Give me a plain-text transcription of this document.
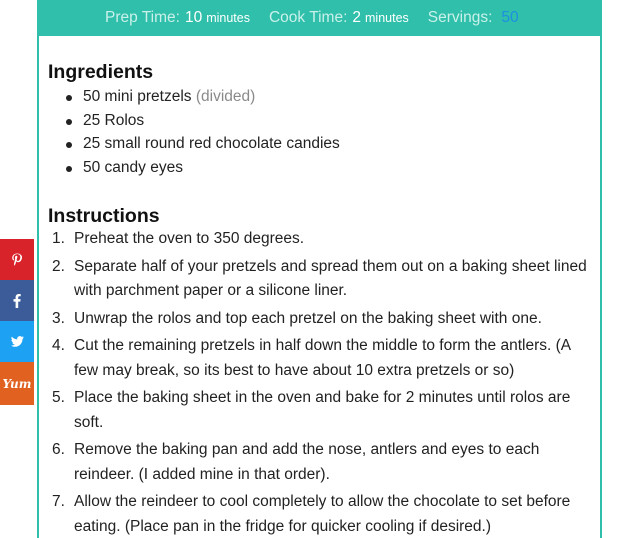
Yum
Prep Time: 10 minutes Cook Time: 2 minutes Servings: 50
Ingredients
50 mini pretzels (divided)
25 Rolos
25 small round red chocolate candies
50 candy eyes
Instructions
1. Preheat the oven to 350 degrees.
2. Separate half of your pretzels and spread them out on a baking sheet lined with parchment paper or a silicone liner.
3. Unwrap the rolos and top each pretzel on the baking sheet with one.
4. Cut the remaining pretzels in half down the middle to form the antlers. (A few may break, so its best to have about 10 extra pretzels or so)
5. Place the baking sheet in the oven and bake for 2 minutes until rolos are soft.
6. Remove the baking pan and add the nose, antlers and eyes to each reindeer. (I added mine in that order).
7. Allow the reindeer to cool completely to allow the chocolate to set before eating. (Place pan in the fridge for quicker cooling if desired.)
